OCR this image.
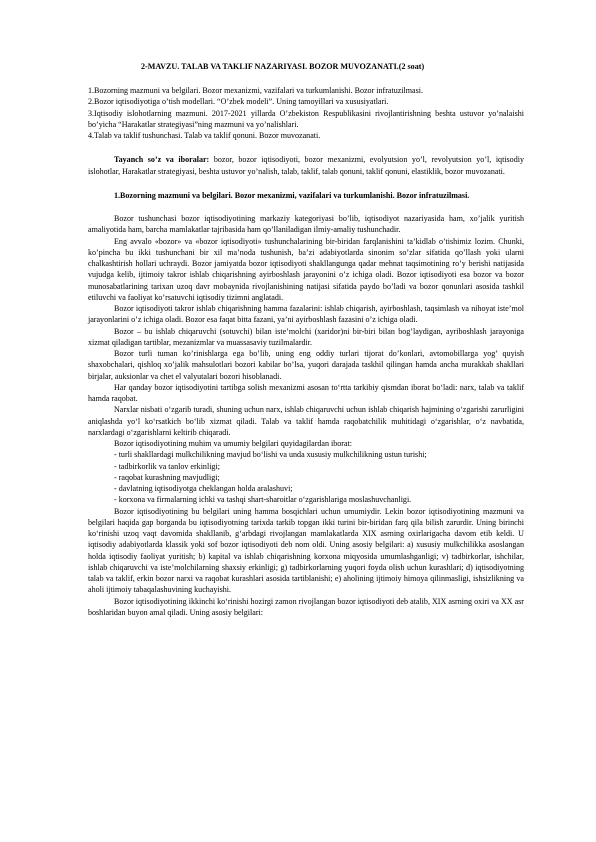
2-MAVZU. TALAB VA TAKLIF NAZARIYASI. BOZOR MUVOZANATI.(2 soat)

1.Bozorning mazmuni va belgilari. Bozor mexanizmi, vazifalari va turkumlanishi. Bozor infratuzilmasi.

2.Bozor iqtisodiyotiga o’tish modellari. “O’zbek modeli”. Uning tamoyillari va xususiyatlari.

3.Iqtisodiy islohotlarning mazmuni. 2017-2021 yillarda O’zbekiston Respublikasini rivojlantirishning beshta ustuvor yo’nalaishi bo’yicha “Harakatlar strategiyasi”ning mazmuni va yo’nalishlari.

4.Talab va taklif tushunchasi. Talab va taklif qonuni. Bozor muvozanati.

Tayanch so’z va iboralar: bozor, bozor iqtisodiyoti, bozor mexanizmi, evolyutsion yo’l, revolyutsion yo’l, iqtisodiy islohotlar, Harakatlar strategiyasi, beshta ustuvor yo’nalish, talab, taklif, talab qonuni, taklif qonuni, elastiklik, bozor muvozanati.

1.Bozorning mazmuni va belgilari. Bozor mexanizmi, vazifalari va turkumlanishi. Bozor infratuzilmasi.

Bozor tushunchasi bozor iqtisodiyotining markaziy kategoriyasi bo’lib, iqtisodiyot nazariyasida ham, xo’jalik yuritish amaliyotida ham, barcha mamlakatlar tajribasida ham qo’llaniladigan ilmiy-amaliy tushunchadir.

Eng avvalo «bozor» va «bozor iqtisodiyoti» tushunchalarining bir-biridan farqlanishini ta’kidlab o’tishimiz lozim. Chunki, ko’pincha bu ikki tushunchani bir xil ma’noda tushunish, ba’zi adabiyotlarda sinonim so’zlar sifatida qo’llash yoki ularni chalkashtirish hollari uchraydi. Bozor jamiyatda bozor iqtisodiyoti shakllangunga qadar mehnat taqsimotining ro’y berishi natijasida vujudga kelib, ijtimoiy takror ishlab chiqarishning ayirboshlash jarayonini o’z ichiga oladi. Bozor iqtisodiyoti esa bozor va bozor munosabatlarining tarixan uzoq davr mobaynida rivojlanishining natijasi sifatida paydo bo’ladi va bozor qonunlari asosida tashkil etiluvchi va faoliyat ko’rsatuvchi iqtisodiy tizimni anglatadi.

Bozor iqtisodiyoti takror ishlab chiqarishning hamma fazalarini: ishlab chiqarish, ayirboshlash, taqsimlash va nihoyat iste’mol jarayonlarini o’z ichiga oladi. Bozor esa faqat bitta fazani, ya’ni ayirboshlash fazasini o’z ichiga oladi.

Bozor – bu ishlab chiqaruvchi (sotuvchi) bilan iste’molchi (xaridor)ni bir-biri bilan bog’laydigan, ayriboshlash jarayoniga xizmat qiladigan tartiblar, mezanizmlar va muassasaviy tuzilmalardir.

Bozor turli tuman ko’rinishlarga ega bo’lib, uning eng oddiy turlari tijorat do’konlari, avtomobillarga yog’ quyish shaxobchalari, qishloq xo’jalik mahsulotlari bozori kabilar bo’lsa, yuqori darajada taskhil qilingan hamda ancha murakkab shakllari birjalar, auksionlar va chet el valyutalari bozori hisoblanadi.

Har qanday bozor iqtisodiyotini tartibga solish mexanizmi asosan to‘rtta tarkibiy qismdan iborat bo‘ladi: narx, talab va taklif hamda raqobat.

Narxlar nisbati o‘zgarib turadi, shuning uchun narx, ishlab chiqaruvchi uchun ishlab chiqarish hajmining o‘zgarishi zarurligini aniqlashda yo‘l ko‘rsatkich bo‘lib xizmat qiladi. Talab va taklif hamda raqobatchilik muhitidagi o‘zgarishlar, o‘z navbatida, narxlardagi o‘zgarishlarni keltirib chiqaradi.

Bozor iqtisodiyotining muhim va umumiy belgilari quyidagilardan iborat:

- turli shakllardagi mulkchilikning mavjud bo‘lishi va unda xususiy mulkchilikning ustun turishi;

- tadbirkorlik va tanlov erkinligi;

- raqobat kurashning mavjudligi;

- davlatning iqtisodiyotga cheklangan holda aralashuvi;

- korxona va firmalarning ichki va tashqi shart-sharoitlar o‘zgarishlariga moslashuvchanligi.

Bozor iqtisodiyotining bu belgilari uning hamma bosqichlari uchun umumiydir. Lekin bozor iqtisodiyotining mazmuni va belgilari haqida gap borganda bu iqtisodiyotning tarixda tarkib topgan ikki turini bir-biridan farq qila bilish zarurdir. Uning birinchi ko‘rinishi uzoq vaqt davomida shakllanib, g‘arbdagi rivojlangan mamlakatlarda XIX asrning oxirlarigacha davom etib keldi. U iqtisodiy adabiyotlarda klassik yoki sof bozor iqtisodiyoti deb nom oldi. Uning asosiy belgilari: a) xususiy mulkchilikka asoslangan holda iqtisodiy faoliyat yuritish; b) kapital va ishlab chiqarishning korxona miqyosida umumlashganligi; v) tadbirkorlar, ishchilar, ishlab chiqaruvchi va iste’molchilarning shaxsiy erkinligi; g) tadbirkorlarning yuqori foyda olish uchun kurashlari; d) iqtisodiyotning talab va taklif, erkin bozor narxi va raqobat kurashlari asosida tartiblanishi; e) aholining ijtimoiy himoya qilinmasligi, ishsizlikning va aholi ijtimoiy tabaqalashuvining kuchayishi.

Bozor iqtisodiyotining ikkinchi ko‘rinishi hozirgi zamon rivojlangan bozor iqtisodiyoti deb atalib, XIX asrning oxiri va XX asr boshlaridan buyon amal qiladi. Uning asosiy belgilari:
